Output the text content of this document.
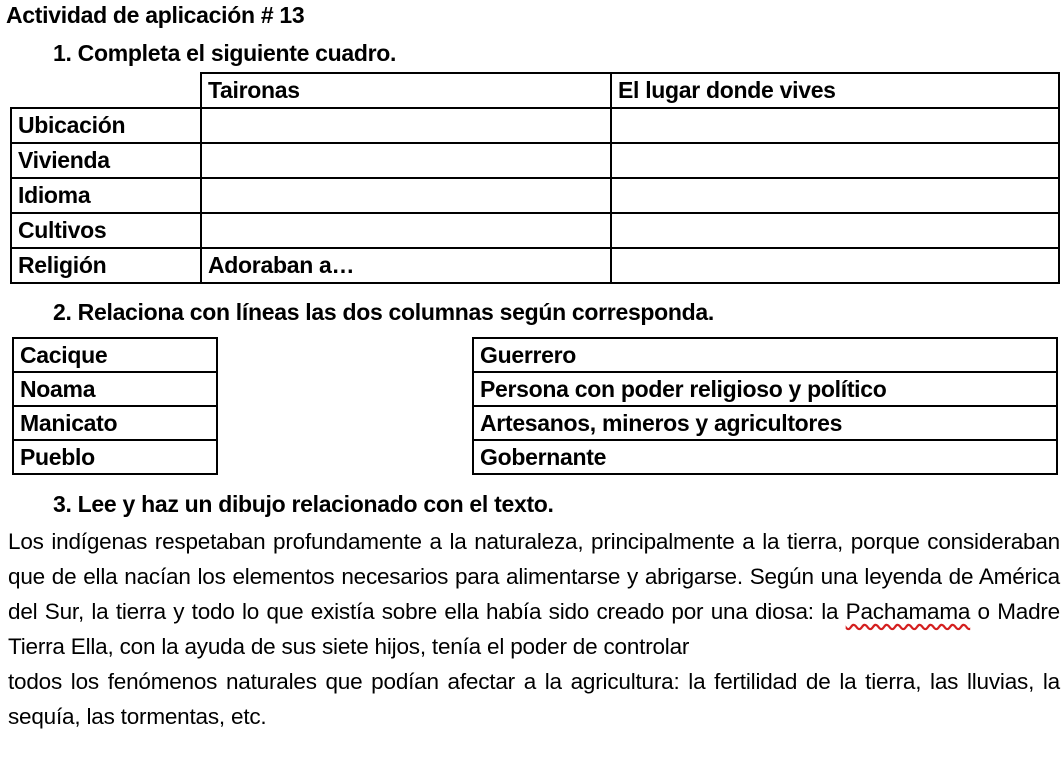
Actividad de aplicación # 13
1. Completa el siguiente cuadro.
	Taironas	El lugar donde vives
Ubicación		
Vivienda		
Idioma		
Cultivos		
Religión	Adoraban a…	
2. Relaciona con líneas las dos columnas según corresponda.
Cacique
Noama
Manicato
Pueblo
Guerrero
Persona con poder religioso y político
Artesanos, mineros y agricultores
Gobernante
3. Lee y haz un dibujo relacionado con el texto.

Los indígenas respetaban profundamente a la naturaleza, principalmente a la tierra, porque consideraban que de ella nacían los elementos necesarios para alimentarse y abrigarse. Según una leyenda de América del Sur, la tierra y todo lo que existía sobre ella había sido creado por una diosa: la Pachamama o Madre Tierra Ella, con la ayuda de sus siete hijos, tenía el poder de controlar

todos los fenómenos naturales que podían afectar a la agricultura: la fertilidad de la tierra, las lluvias, la sequía, las tormentas, etc.
